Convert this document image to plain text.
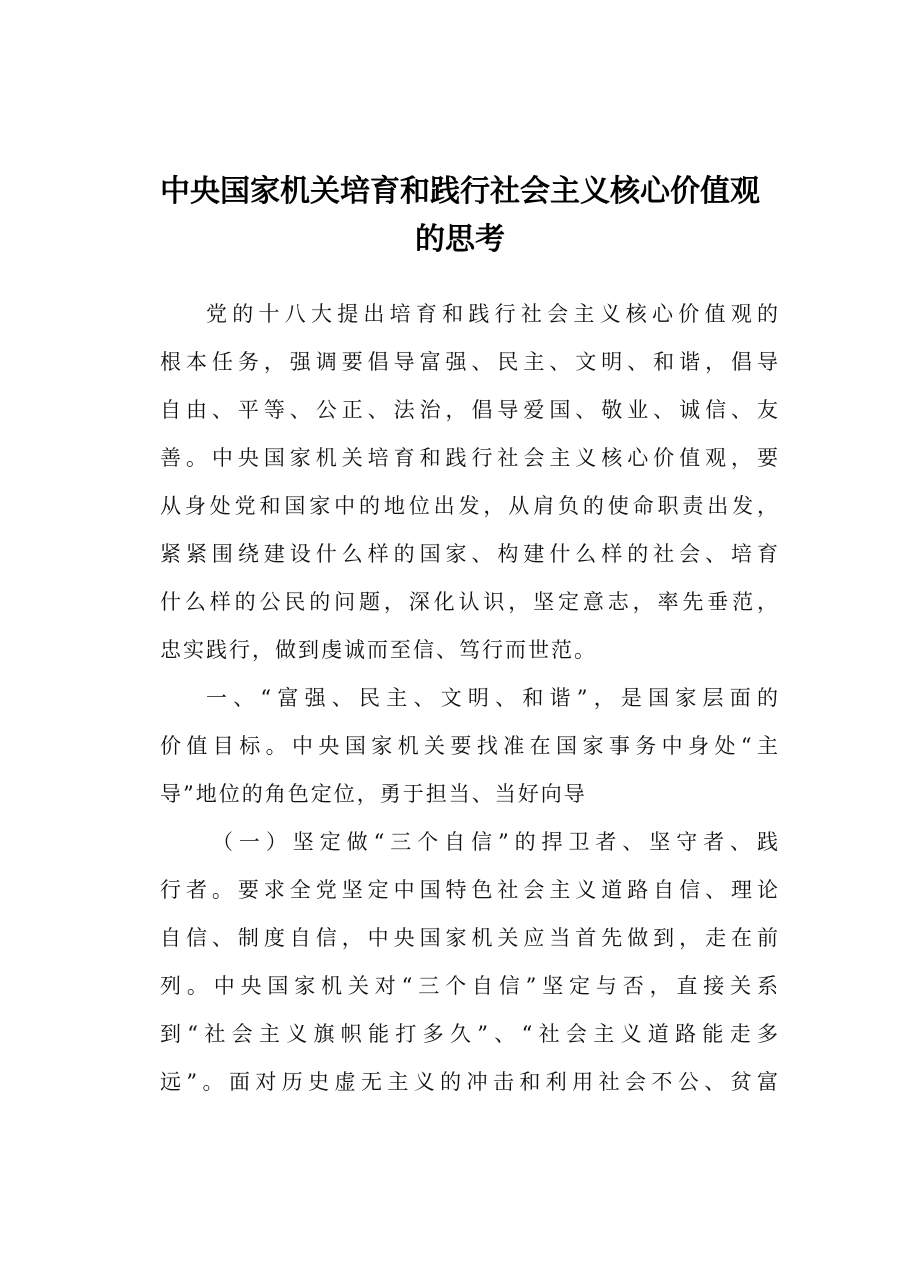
中央国家机关培育和践行社会主义核心价值观
的思考
党的十八大提出培育和践行社会主义核心价值观的
根本任务，强调要倡导富强、民主、文明、和谐，倡导
自由、平等、公正、法治，倡导爱国、敬业、诚信、友
善。中央国家机关培育和践行社会主义核心价值观，要
从身处党和国家中的地位出发，从肩负的使命职责出发，
紧紧围绕建设什么样的国家、构建什么样的社会、培育
什么样的公民的问题，深化认识，坚定意志，率先垂范，
忠实践行，做到虔诚而至信、笃行而世范。
一、“富强、民主、文明、和谐”，是国家层面的
价值目标。中央国家机关要找准在国家事务中身处“主
导”地位的角色定位，勇于担当、当好向导
（一）坚定做“三个自信”的捍卫者、坚守者、践
行者。要求全党坚定中国特色社会主义道路自信、理论
自信、制度自信，中央国家机关应当首先做到，走在前
列。中央国家机关对“三个自信”坚定与否，直接关系
到“社会主义旗帜能打多久”、“社会主义道路能走多
远”。面对历史虚无主义的冲击和利用社会不公、贫富
